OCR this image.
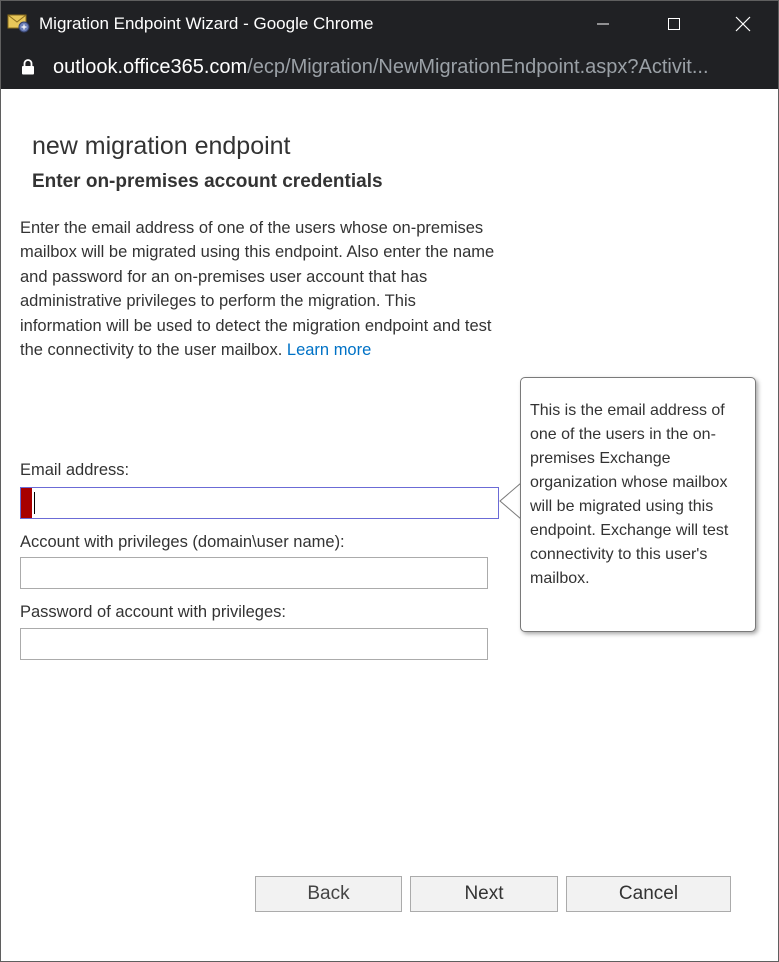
Migration Endpoint Wizard - Google Chrome
outlook.office365.com/ecp/Migration/NewMigrationEndpoint.aspx?Activit...
new migration endpoint
Enter on-premises account credentials

Enter the email address of one of the users whose on-premises mailbox will be migrated using this endpoint. Also enter the name and password for an on-premises user account that has administrative privileges to perform the migration. This information will be used to detect the migration endpoint and test the connectivity to the user mailbox. Learn more

Email address:
Account with privileges (domain\user name):
Password of account with privileges:

This is the email address of one of the users in the on-premises Exchange organization whose mailbox will be migrated using this endpoint. Exchange will test connectivity to this user's mailbox.

Back	Next	Cancel
